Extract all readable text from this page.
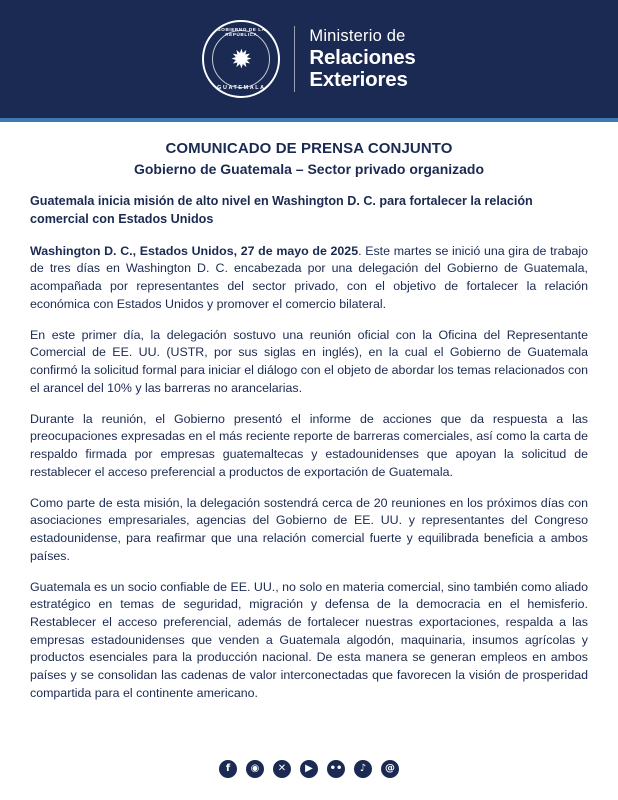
GOBIERNO DE LA REPÚBLICA
✹
GUATEMALA
Ministerio de
Relaciones
Exteriores
COMUNICADO DE PRENSA CONJUNTO
Gobierno de Guatemala – Sector privado organizado

Guatemala inicia misión de alto nivel en Washington D. C. para fortalecer la relación comercial con Estados Unidos

Washington D. C., Estados Unidos, 27 de mayo de 2025. Este martes se inició una gira de trabajo de tres días en Washington D. C. encabezada por una delegación del Gobierno de Guatemala, acompañada por representantes del sector privado, con el objetivo de fortalecer la relación económica con Estados Unidos y promover el comercio bilateral.

En este primer día, la delegación sostuvo una reunión oficial con la Oficina del Representante Comercial de EE. UU. (USTR, por sus siglas en inglés), en la cual el Gobierno de Guatemala confirmó la solicitud formal para iniciar el diálogo con el objeto de abordar los temas relacionados con el arancel del 10% y las barreras no arancelarias.

Durante la reunión, el Gobierno presentó el informe de acciones que da respuesta a las preocupaciones expresadas en el más reciente reporte de barreras comerciales, así como la carta de respaldo firmada por empresas guatemaltecas y estadounidenses que apoyan la solicitud de restablecer el acceso preferencial a productos de exportación de Guatemala.

Como parte de esta misión, la delegación sostendrá cerca de 20 reuniones en los próximos días con asociaciones empresariales, agencias del Gobierno de EE. UU. y representantes del Congreso estadounidense, para reafirmar que una relación comercial fuerte y equilibrada beneficia a ambos países.

Guatemala es un socio confiable de EE. UU., no solo en materia comercial, sino también como aliado estratégico en temas de seguridad, migración y defensa de la democracia en el hemisferio. Restablecer el acceso preferencial, además de fortalecer nuestras exportaciones, respalda a las empresas estadounidenses que venden a Guatemala algodón, maquinaria, insumos agrícolas y productos esenciales para la producción nacional. De esta manera se generan empleos en ambos países y se consolidan las cadenas de valor interconectadas que favorecen la visión de prosperidad compartida para el continente americano.

f	◉	✕	▶	••	♪	@
